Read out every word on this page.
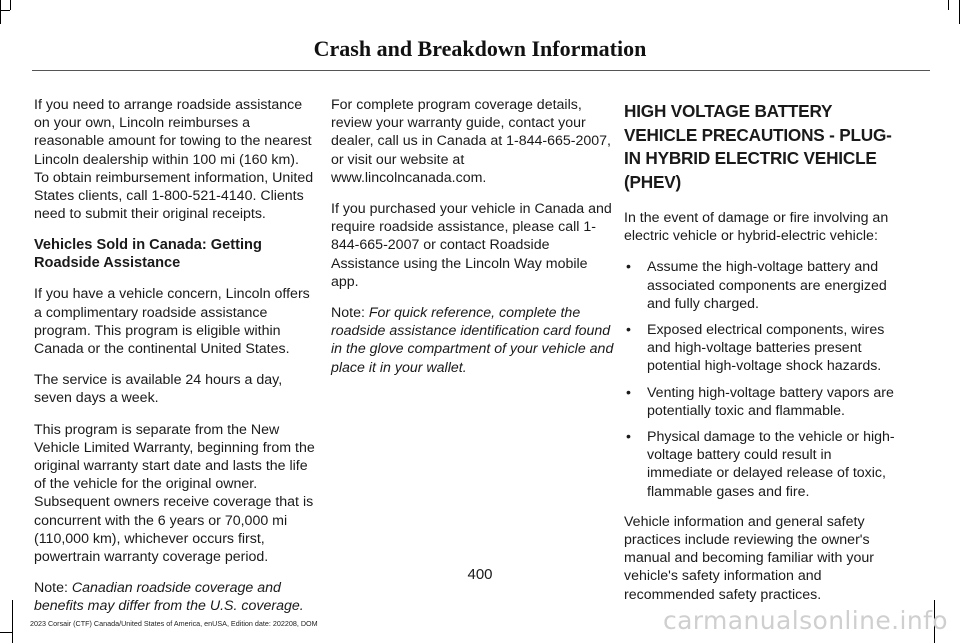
Crash and Breakdown Information

If you need to arrange roadside assistance on your own, Lincoln reimburses a reasonable amount for towing to the nearest Lincoln dealership within 100 mi (160 km). To obtain reimbursement information, United States clients, call 1-800-521-4140. Clients need to submit their original receipts.

Vehicles Sold in Canada: Getting Roadside Assistance

If you have a vehicle concern, Lincoln offers a complimentary roadside assistance program. This program is eligible within Canada or the continental United States.

The service is available 24 hours a day, seven days a week.

This program is separate from the New Vehicle Limited Warranty, beginning from the original warranty start date and lasts the life of the vehicle for the original owner. Subsequent owners receive coverage that is concurrent with the 6 years or 70,000 mi (110,000 km), whichever occurs first, powertrain warranty coverage period.

Note: Canadian roadside coverage and benefits may differ from the U.S. coverage.

For complete program coverage details, review your warranty guide, contact your dealer, call us in Canada at 1-844-665-2007, or visit our website at www.lincolncanada.com.

If you purchased your vehicle in Canada and require roadside assistance, please call 1-844-665-2007 or contact Roadside Assistance using the Lincoln Way mobile app.

Note: For quick reference, complete the roadside assistance identification card found in the glove compartment of your vehicle and place it in your wallet.

HIGH VOLTAGE BATTERY VEHICLE PRECAUTIONS - PLUG-IN HYBRID ELECTRIC VEHICLE (PHEV)

In the event of damage or fire involving an electric vehicle or hybrid-electric vehicle:

• Assume the high-voltage battery and associated components are energized and fully charged.
• Exposed electrical components, wires and high-voltage batteries present potential high-voltage shock hazards.
• Venting high-voltage battery vapors are potentially toxic and flammable.
• Physical damage to the vehicle or high-voltage battery could result in immediate or delayed release of toxic, flammable gases and fire.

Vehicle information and general safety practices include reviewing the owner's manual and becoming familiar with your vehicle's safety information and recommended safety practices.

400
2023 Corsair (CTF) Canada/United States of America, enUSA, Edition date: 202208, DOM	carmanualsonline.info
